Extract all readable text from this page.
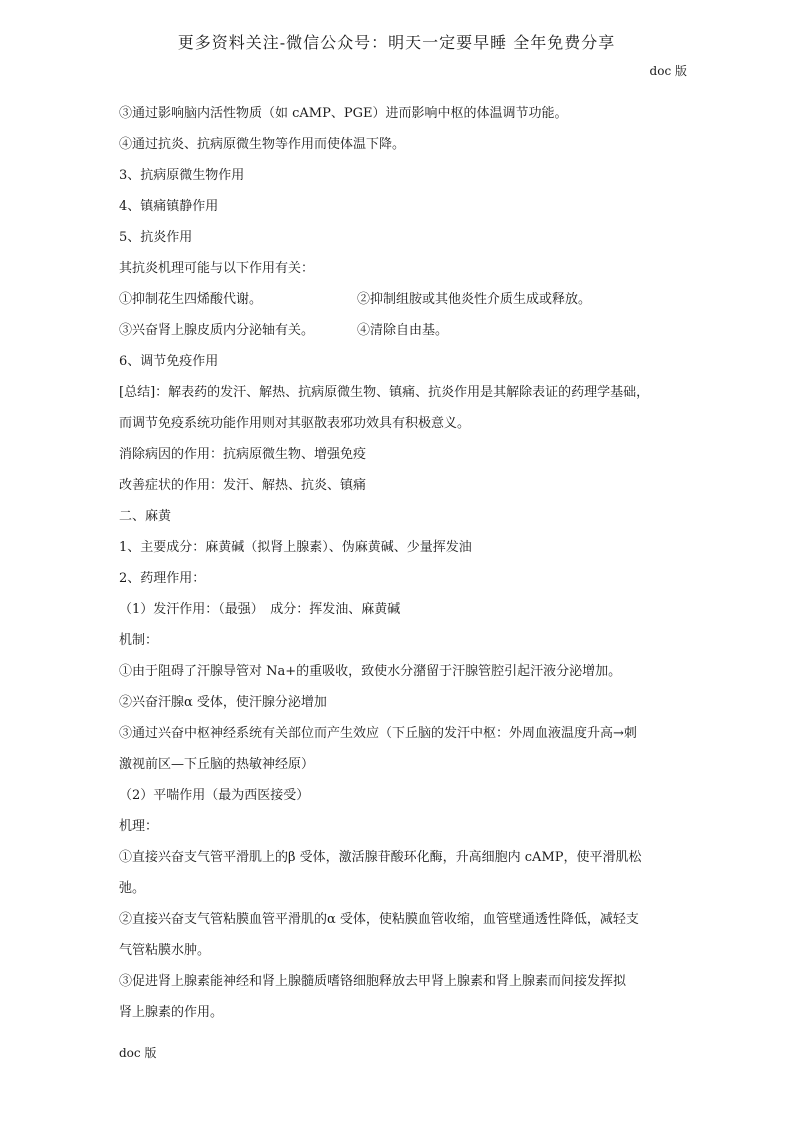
更多资料关注-微信公众号：明天一定要早睡 全年免费分享
doc 版
③通过影响脑内活性物质（如 cAMP、PGE）进而影响中枢的体温调节功能。
④通过抗炎、抗病原微生物等作用而使体温下降。
3、抗病原微生物作用
4、镇痛镇静作用
5、抗炎作用
其抗炎机理可能与以下作用有关：
①抑制花生四烯酸代谢。	②抑制组胺或其他炎性介质生成或释放。
③兴奋肾上腺皮质内分泌轴有关。	④清除自由基。
6、调节免疫作用
[总结]：解表药的发汗、解热、抗病原微生物、镇痛、抗炎作用是其解除表证的药理学基础，
而调节免疫系统功能作用则对其驱散表邪功效具有积极意义。
消除病因的作用：抗病原微生物、增强免疫
改善症状的作用：发汗、解热、抗炎、镇痛
二、麻黄
1、主要成分：麻黄碱（拟肾上腺素）、伪麻黄碱、少量挥发油
2、药理作用：
（1）发汗作用：（最强）　成分：挥发油、麻黄碱
机制：
①由于阻碍了汗腺导管对 Na+的重吸收，致使水分潴留于汗腺管腔引起汗液分泌增加。
②兴奋汗腺α 受体，使汗腺分泌增加
③通过兴奋中枢神经系统有关部位而产生效应（下丘脑的发汗中枢：外周血液温度升高→刺
激视前区—下丘脑的热敏神经原）
（2）平喘作用（最为西医接受）
机理：
①直接兴奋支气管平滑肌上的β 受体，激活腺苷酸环化酶，升高细胞内 cAMP，使平滑肌松
弛。
②直接兴奋支气管粘膜血管平滑肌的α 受体，使粘膜血管收缩，血管壁通透性降低，减轻支
气管粘膜水肿。
③促进肾上腺素能神经和肾上腺髓质嗜铬细胞释放去甲肾上腺素和肾上腺素而间接发挥拟
肾上腺素的作用。
doc 版
